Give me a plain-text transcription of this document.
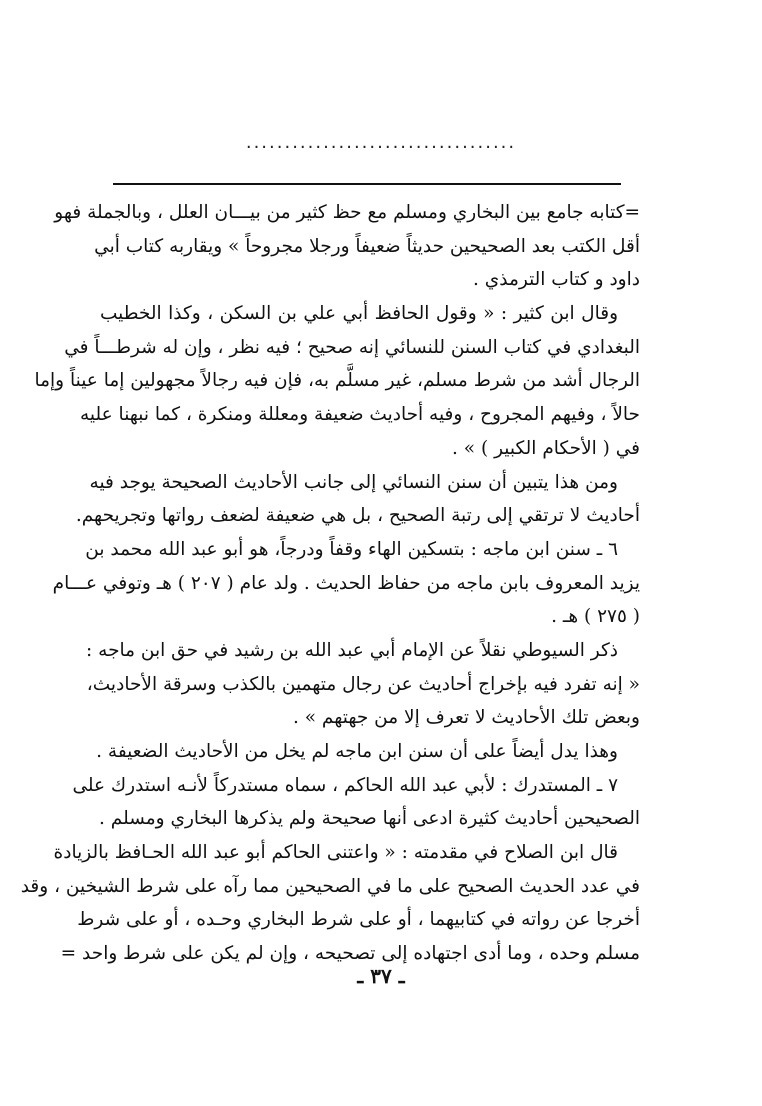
...................................
=كتابه جامع بين البخاري ومسلم مع حظ كثير من بيـــان العلل ، وبالجملة فهو
أقل الكتب بعد الصحيحين حديثاً ضعيفاً ورجلا مجروحاً » ويقاربه كتاب أبي
داود و كتاب الترمذي .
وقال ابن كثير : « وقول الحافظ أبي علي بن السكن ، وكذا الخطيب
البغدادي في كتاب السنن للنسائي إنه صحيح ؛ فيه نظر ، وإن له شرطـــاً في
الرجال أشد من شرط مسلم، غير مسلَّم به، فإن فيه رجالاً مجهولين إما عيناً وإما
حالاً ، وفيهم المجروح ، وفيه أحاديث ضعيفة ومعللة ومنكرة ، كما نبهنا عليه
في ( الأحكام الكبير ) » .
ومن هذا يتبين أن سنن النسائي إلى جانب الأحاديث الصحيحة يوجد فيه
أحاديث لا ترتقي إلى رتبة الصحيح ، بل هي ضعيفة لضعف رواتها وتجريحهم.
٦ ـ سنن ابن ماجه : بتسكين الهاء وقفاً ودرجاً، هو أبو عبد الله محمد بن
يزيد المعروف بابن ماجه من حفاظ الحديث . ولد عام ( ٢٠٧ ) هـ وتوفي عـــام
( ٢٧٥ ) هـ .
ذكر السيوطي نقلاً عن الإمام أبي عبد الله بن رشيد في حق ابن ماجه :
« إنه تفرد فيه بإخراج أحاديث عن رجال متهمين بالكذب وسرقة الأحاديث،
وبعض تلك الأحاديث لا تعرف إلا من جهتهم » .
وهذا يدل أيضاً على أن سنن ابن ماجه لم يخل من الأحاديث الضعيفة .
٧ ـ المستدرك : لأبي عبد الله الحاكم ، سماه مستدركاً لأنـه استدرك على
الصحيحين أحاديث كثيرة ادعى أنها صحيحة ولم يذكرها البخاري ومسلم .
قال ابن الصلاح في مقدمته : « واعتنى الحاكم أبو عبد الله الحـافظ بالزيادة
في عدد الحديث الصحيح على ما في الصحيحين مما رآه على شرط الشيخين ، وقد
أخرجا عن رواته في كتابيهما ، أو على شرط البخاري وحـده ، أو على شرط
مسلم وحده ، وما أدى اجتهاده إلى تصحيحه ، وإن لم يكن على شرط واحد =
ـ ٣٧ ـ
